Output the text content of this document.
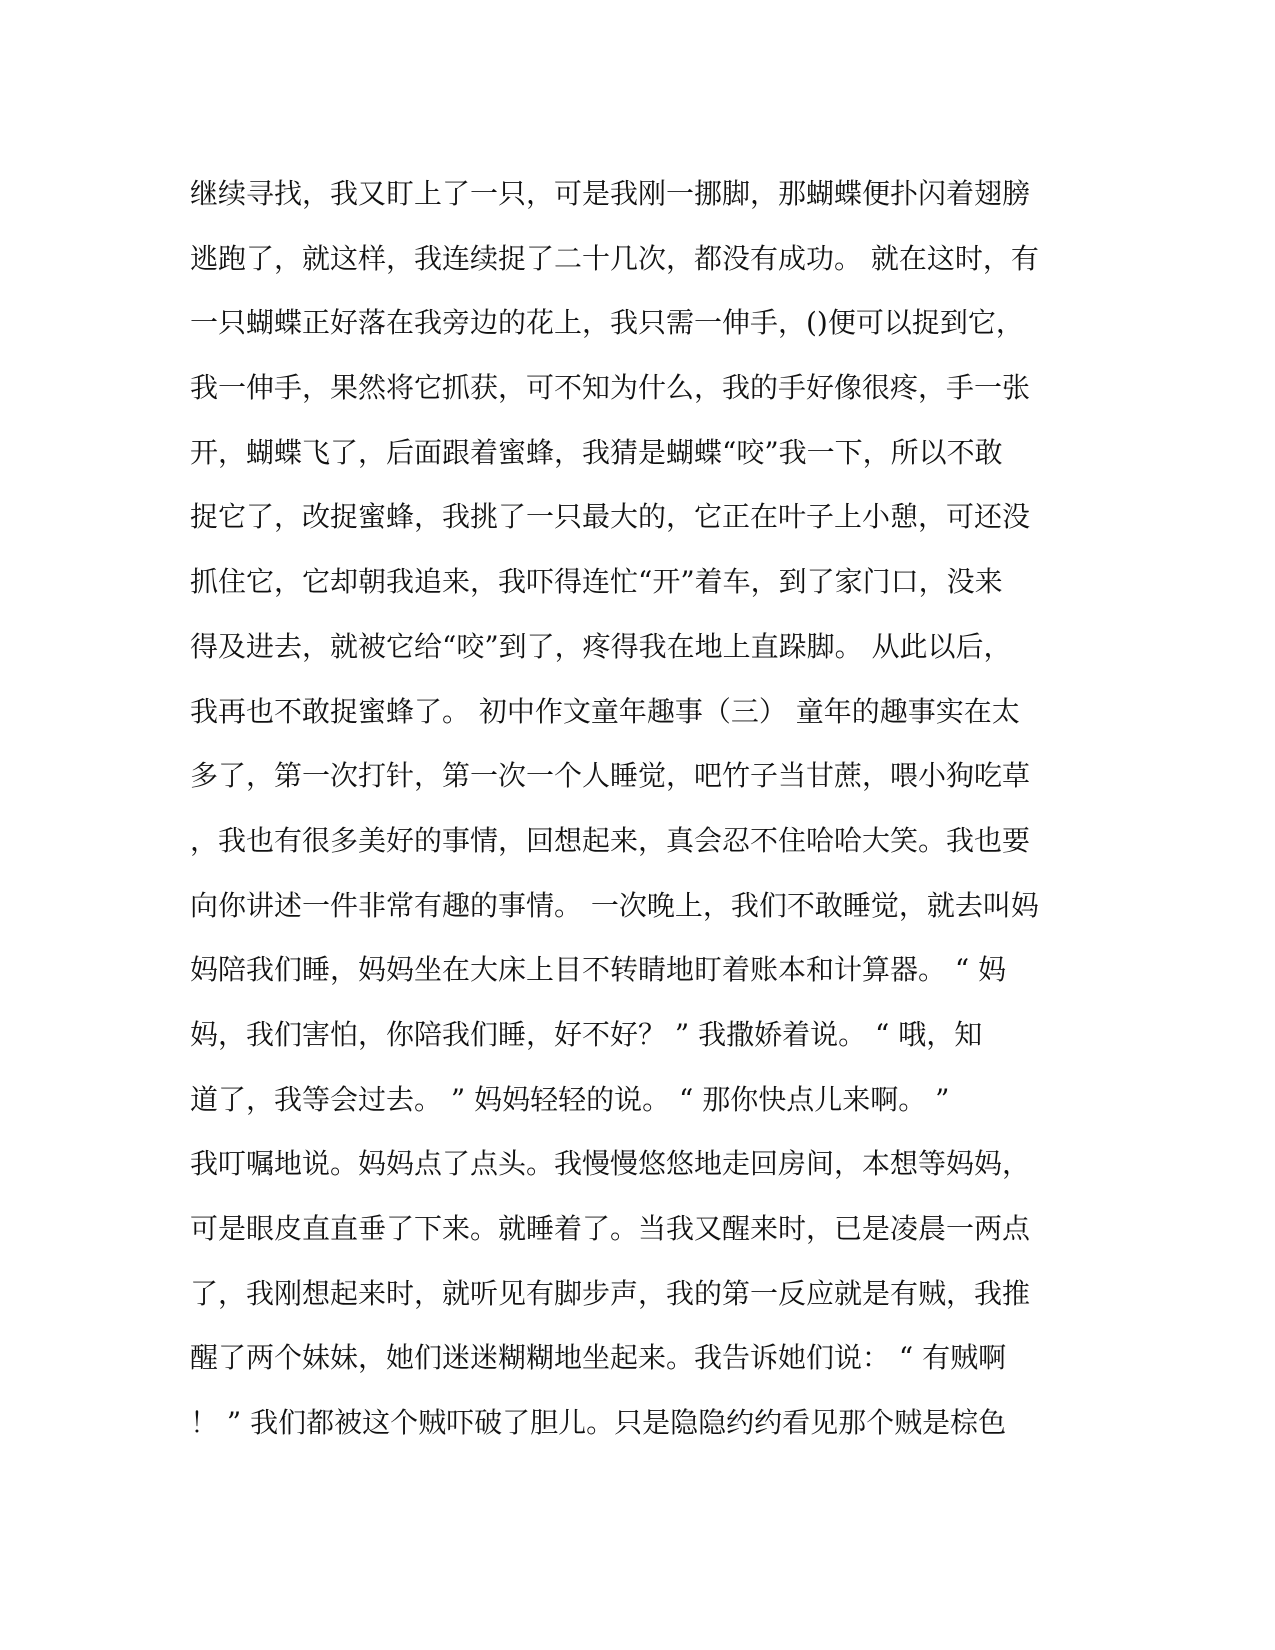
继续寻找，我又盯上了一只，可是我刚一挪脚，那蝴蝶便扑闪着翅膀
逃跑了，就这样，我连续捉了二十几次，都没有成功。 就在这时，有
一只蝴蝶正好落在我旁边的花上，我只需一伸手，()便可以捉到它，
我一伸手，果然将它抓获，可不知为什么，我的手好像很疼，手一张
开，蝴蝶飞了，后面跟着蜜蜂，我猜是蝴蝶“咬”我一下，所以不敢
捉它了，改捉蜜蜂，我挑了一只最大的，它正在叶子上小憩，可还没
抓住它，它却朝我追来，我吓得连忙“开”着车，到了家门口，没来
得及进去，就被它给“咬”到了，疼得我在地上直跺脚。 从此以后，
我再也不敢捉蜜蜂了。 初中作文童年趣事（三） 童年的趣事实在太
多了，第一次打针，第一次一个人睡觉，吧竹子当甘蔗，喂小狗吃草
，我也有很多美好的事情，回想起来，真会忍不住哈哈大笑。我也要
向你讲述一件非常有趣的事情。 一次晚上，我们不敢睡觉，就去叫妈
妈陪我们睡，妈妈坐在大床上目不转睛地盯着账本和计算器。 “ 妈
妈，我们害怕，你陪我们睡，好不好？ ” 我撒娇着说。 “ 哦，知
道了，我等会过去。 ” 妈妈轻轻的说。 “ 那你快点儿来啊。 ”
我叮嘱地说。妈妈点了点头。我慢慢悠悠地走回房间，本想等妈妈，
可是眼皮直直垂了下来。就睡着了。当我又醒来时，已是凌晨一两点
了，我刚想起来时，就听见有脚步声，我的第一反应就是有贼，我推
醒了两个妹妹，她们迷迷糊糊地坐起来。我告诉她们说： “ 有贼啊
！ ” 我们都被这个贼吓破了胆儿。只是隐隐约约看见那个贼是棕色
